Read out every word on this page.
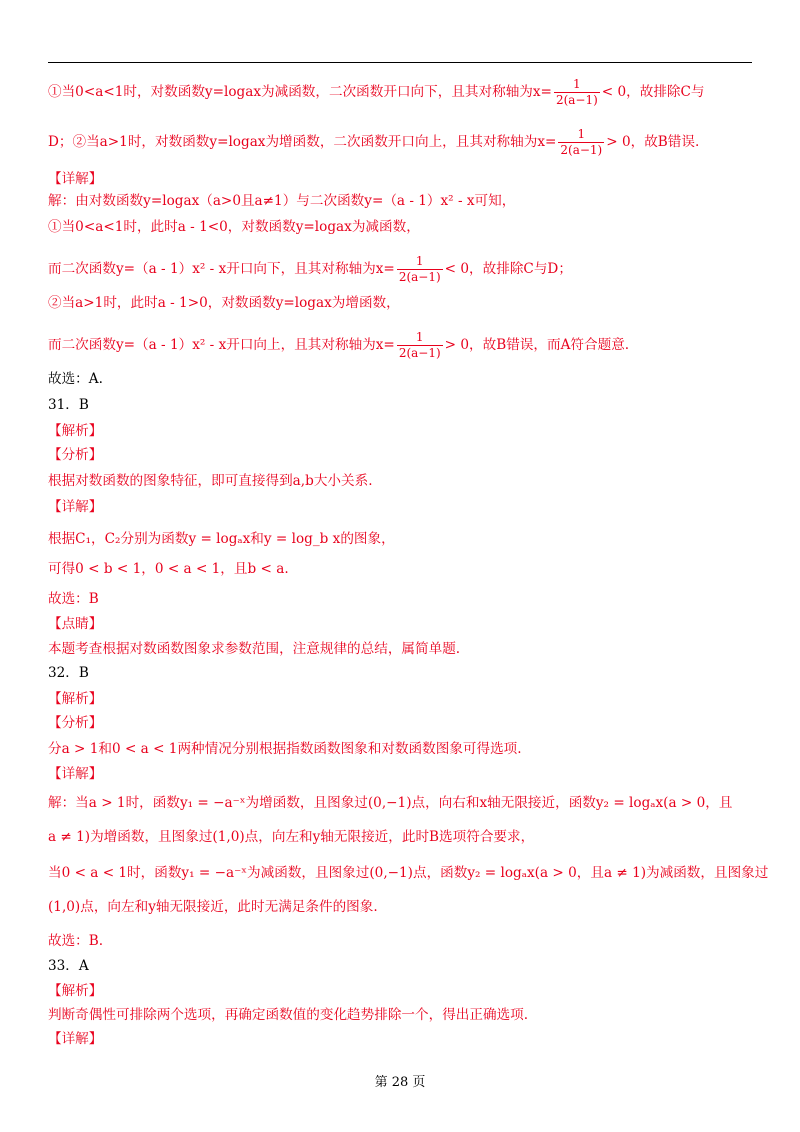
①当0<a<1时，对数函数y=logax为减函数，二次函数开口向下，且其对称轴为$x= \frac{1}{2(a-1)} < 0$，故排除C与
D；②当a>1时，对数函数y=logax为增函数，二次函数开口向上，且其对称轴为$x= \frac{1}{2(a-1)} > 0$，故B错误.
【详解】
解：由对数函数y=logax（a>0且a≠1）与二次函数y=（a - 1）x² - x可知，
①当0<a<1时，此时a - 1<0，对数函数y=logax为减函数，
而二次函数y=（a - 1）x² - x开口向下，且其对称轴为$x= \frac{1}{2(a-1)} < 0$，故排除C与D；
②当a>1时，此时a - 1>0，对数函数y=logax为增函数，
而二次函数y=（a - 1）x² - x开口向上，且其对称轴为$x= \frac{1}{2(a-1)} > 0$，故B错误，而A符合题意.
故选：A.
31．B
【解析】
【分析】
根据对数函数的图象特征，即可直接得到a,b大小关系.
【详解】
根据C₁，C₂分别为函数y = logₐx和y = log_b x的图象，
可得0 < b < 1，0 < a < 1，且b < a.
故选：B
【点睛】
本题考查根据对数函数图象求参数范围，注意规律的总结，属简单题.
32．B
【解析】
【分析】
分a > 1和0 < a < 1两种情况分别根据指数函数图象和对数函数图象可得选项.
【详解】
解：当a > 1时，函数y₁ = −a⁻ˣ为增函数，且图象过(0,−1)点，向右和x轴无限接近，函数y₂ = logₐx(a > 0，且
a ≠ 1)为增函数，且图象过(1,0)点，向左和y轴无限接近，此时B选项符合要求，
当0 < a < 1时，函数y₁ = −a⁻ˣ为减函数，且图象过(0,−1)点，函数y₂ = logₐx(a > 0，且a ≠ 1)为减函数，且图象过
(1,0)点，向左和y轴无限接近，此时无满足条件的图象.
故选：B.
33．A
【解析】
判断奇偶性可排除两个选项，再确定函数值的变化趋势排除一个，得出正确选项.
【详解】
第 28 页
